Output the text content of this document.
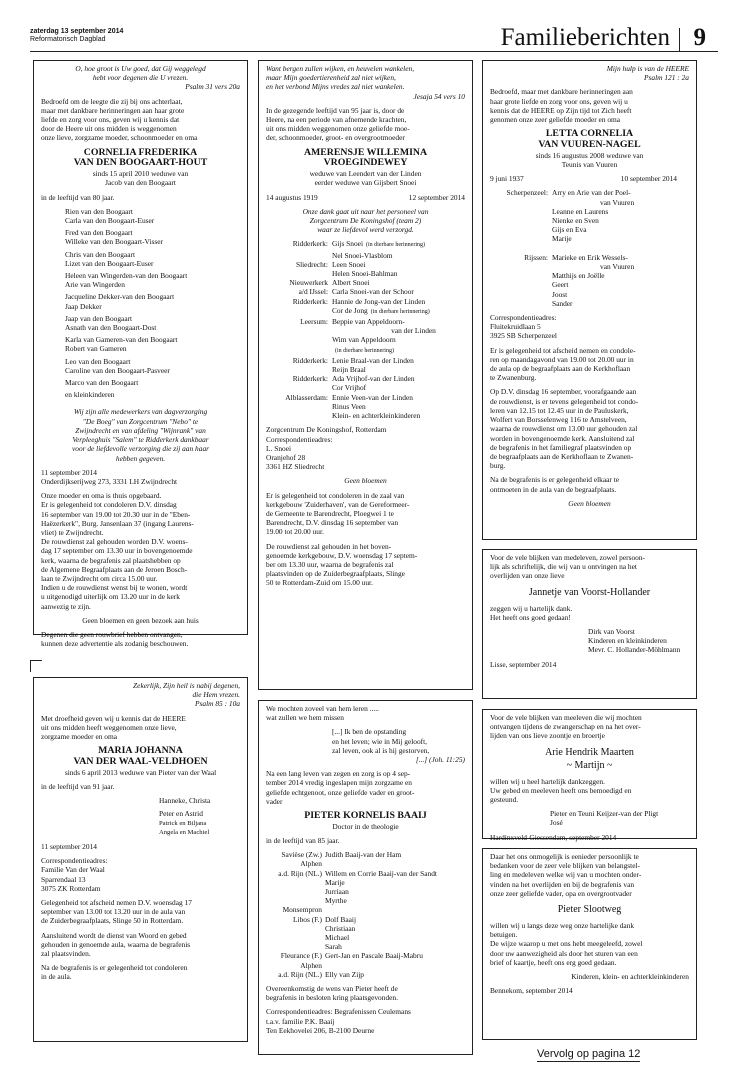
zaterdag 13 september 2014
Reformatorisch Dagblad	Familieberichten 9
O, hoe groot is Uw goed, dat Gij weggelegd
hebt voor degenen die U vrezen.
Psalm 31 vers 20a
Bedroefd om de leegte die zij bij ons achterlaat,
maar met dankbare herinneringen aan haar grote
liefde en zorg voor ons, geven wij u kennis dat
door de Heere uit ons midden is weggenomen
onze lieve, zorgzame moeder, schoonmoeder en oma
CORNELIA FREDERIKA
VAN DEN BOOGAART-HOUT
sinds 15 april 2010 weduwe van
Jacob van den Boogaart
in de leeftijd van 80 jaar.
Rien van den Boogaart
Carla van den Boogaart-Euser
Fred van den Boogaart
Willeke van den Boogaart-Visser
Chris van den Boogaart
Lizet van den Boogaart-Euser
Heleen van Wingerden-van den Boogaart
Arie van Wingerden
Jacqueline Dekker-van den Boogaart
Jaap Dekker
Jaap van den Boogaart
Asnath van den Boogaart-Dost
Karla van Gameren-van den Boogaart
Robert van Gameren
Leo van den Boogaart
Caroline van den Boogaart-Pasveer
Marco van den Boogaart
en kleinkinderen
Wij zijn alle medewerkers van dagverzorging
"De Boeg" van Zorgcentrum "Nebo" te
Zwijndrecht en van afdeling "Wijnrank" van
Verpleeghuis "Salem" te Ridderkerk dankbaar
voor de liefdevolle verzorging die zij aan haar
hebben gegeven.
11 september 2014
Onderdijkserijweg 273, 3331 LH Zwijndrecht
Onze moeder en oma is thuis opgebaard.
Er is gelegenheid tot condoleren D.V. dinsdag
16 september van 19.00 tot 20.30 uur in de "Eben-
Haëzerkerk", Burg. Jansenlaan 37 (ingang Laurens-
vliet) te Zwijndrecht.
De rouwdienst zal gehouden worden D.V. woens-
dag 17 september om 13.30 uur in bovengenoemde
kerk, waarna de begrafenis zal plaatshebben op
de Algemene Begraafplaats aan de Jeroen Bosch-
laan te Zwijndrecht om circa 15.00 uur.
Indien u de rouwdienst wenst bij te wonen, wordt
u uitgenodigd uiterlijk om 13.20 uur in de kerk
aanwezig te zijn.
Geen bloemen en geen bezoek aan huis
Degenen die geen rouwbrief hebben ontvangen,
kunnen deze advertentie als zodanig beschouwen.
Want bergen zullen wijken, en heuvelen wankelen,
maar Mijn goedertierenheid zal niet wijken,
en het verbond Mijns vredes zal niet wankelen.
Jesaja 54 vers 10
In de gezegende leeftijd van 95 jaar is, door de
Heere, na een periode van afnemende krachten,
uit ons midden weggenomen onze geliefde moe-
der, schoonmoeder, groot- en overgrootmoeder
AMERENSJE WILLEMINA
VROEGINDEWEY
weduwe van Leendert van der Linden
eerder weduwe van Gijsbert Snoei
14 augustus 1919	12 september 2014
Onze dank gaat uit naar het personeel van
Zorgcentrum De Koningshof (team 2)
waar ze liefdevol werd verzorgd.
Ridderkerk: Gijs Snoei (in dierbare herinnering)
Nel Snoei-Vlasblom
Sliedrecht: Leen Snoei
Helen Snoei-Bahlman
Nieuwerkerk Albert Snoei
a/d IJssel: Carla Snoei-van der Schoor
Ridderkerk: Hannie de Jong-van der Linden
Cor de Jong (in dierbare herinnering)
Leersum: Beppie van Appeldoorn-
van der Linden
Wim van Appeldoorn
(in dierbare herinnering)
Ridderkerk: Lenie Braal-van der Linden
Reijn Braal
Ridderkerk: Ada Vrijhof-van der Linden
Cor Vrijhof
Alblasserdam: Ennie Veen-van der Linden
Rinus Veen
Klein- en achterkleinkinderen
Zorgcentrum De Koningshof, Rotterdam
Correspondentieadres:
L. Snoei
Oranjehof 28
3361 HZ Sliedrecht
Geen bloemen
Er is gelegenheid tot condoleren in de zaal van
kerkgebouw 'Zuiderhaven', van de Gereformeer-
de Gemeente te Barendrecht, Ploegwei 1 te
Barendrecht, D.V. dinsdag 16 september van
19.00 tot 20.00 uur.
De rouwdienst zal gehouden in het boven-
genoemde kerkgebouw, D.V. woensdag 17 septem-
ber om 13.30 uur, waarna de begrafenis zal
plaatsvinden op de Zuiderbegraafplaats, Slinge
50 te Rotterdam-Zuid om 15.00 uur.
Mijn hulp is van de HEERE
Psalm 121 : 2a
Bedroefd, maar met dankbare herinneringen aan
haar grote liefde en zorg voor ons, geven wij u
kennis dat de HEERE op Zijn tijd tot Zich heeft
genomen onze zeer geliefde moeder en oma
LETTA CORNELIA
VAN VUUREN-NAGEL
sinds 16 augustus 2008 weduwe van
Teunis van Vuuren
9 juni 1937	10 september 2014
Scherpenzeel: Arry en Arie van der Poel-
van Vuuren
Leanne en Laurens
Nienke en Sven
Gijs en Eva
Marije

Rijssen: Marieke en Erik Wessels-
van Vuuren
Matthijs en Joëlle
Geert
Joost
Sander
Correspondentieadres:
Fluitekruidlaan 5
3925 SB Scherpenzeel
Er is gelegenheid tot afscheid nemen en condole-
ren op maandagavond van 19.00 tot 20.00 uur in
de aula op de begraafplaats aan de Kerkhoflaan
te Zwanenburg.
Op D.V. dinsdag 16 september, voorafgaande aan
de rouwdienst, is er tevens gelegenheid tot condo-
leren van 12.15 tot 12.45 uur in de Pauluskerk,
Wolfert van Borsselenweg 116 te Amstelveen,
waarna de rouwdienst om 13.00 uur gehouden zal
worden in bovengenoemde kerk. Aansluitend zal
de begrafenis in het familiegraf plaatsvinden op
de begraafplaats aan de Kerkhoflaan te Zwanen-
burg.
Na de begrafenis is er gelegenheid elkaar te
ontmoeten in de aula van de begraafplaats.
Geen bloemen
Voor de vele blijken van medeleven, zowel persoon-
lijk als schriftelijk, die wij van u ontvingen na het
overlijden van onze lieve
Jannetje van Voorst-Hollander
zeggen wij u hartelijk dank.
Het heeft ons goed gedaan!
Dirk van Voorst
Kinderen en kleinkinderen
Mevr. C. Hollander-Möhlmann
Lisse, september 2014
Zekerlijk, Zijn heil is nabij degenen,
die Hem vrezen.
Psalm 85 : 10a
Met droefheid geven wij u kennis dat de HEERE
uit ons midden heeft weggenomen onze lieve,
zorgzame moeder en oma
MARIA JOHANNA
VAN DER WAAL-VELDHOEN
sinds 6 april 2013 weduwe van Pieter van der Waal
in de leeftijd van 91 jaar.
Hanneke, Christa
Peter en Astrid
Patrick en Biljana
Angela en Machiel
11 september 2014
Correspondentieadres:
Familie Van der Waal
Sparrendaal 13
3075 ZK Rotterdam
Gelegenheid tot afscheid nemen D.V. woensdag 17
september van 13.00 tot 13.20 uur in de aula van
de Zuiderbegraafplaats, Slinge 50 in Rotterdam.
Aansluitend wordt de dienst van Woord en gebed
gehouden in genoemde aula, waarna de begrafenis
zal plaatsvinden.
Na de begrafenis is er gelegenheid tot condoleren
in de aula.
We mochten zoveel van hem leren .....
wat zullen we hem missen
[...] Ik ben de opstanding
en het leven; wie in Mij gelooft,
zal leven, ook al is hij gestorven,
[...] (Joh. 11:25)
Na een lang leven van zegen en zorg is op 4 sep-
tember 2014 vredig ingeslapen mijn zorgzame en
geliefde echtgenoot, onze geliefde vader en groot-
vader
PIETER KORNELIS BAAIJ
Doctor in de theologie
in de leeftijd van 85 jaar.
Savièse (Zw.) Judith Baaij-van der Ham
Alphen
a.d. Rijn (NL.) Willem en Corrie Baaij-van der Sandt
Marije
Jurriaan
Myrthe
Monsempron
Libos (F.) Dolf Baaij
Christiaan
Michael
Sarah
Fleurance (F.) Gert-Jan en Pascale Baaij-Mabru
Alphen
a.d. Rijn (NL.) Elly van Zijp
Overeenkomstig de wens van Pieter heeft de
begrafenis in besloten kring plaatsgevonden.
Correspondentieadres: Begrafenissen Ceulemans
t.a.v. familie P.K. Baaij
Ten Eekhovelei 206, B-2100 Deurne
Voor de vele blijken van meeleven die wij mochten
ontvangen tijdens de zwangerschap en na het over-
lijden van ons lieve zoontje en broertje
Arie Hendrik Maarten
~ Martijn ~
willen wij u heel hartelijk dankzeggen.
Uw gebed en meeleven heeft ons bemoedigd en
gesteund.
Pieter en Teuni Keijzer-van der Pligt
José
Hardinxveld-Giessendam, september 2014
Daar het ons onmogelijk is eenieder persoonlijk te
bedanken voor de zeer vele blijken van belangstel-
ling en medeleven welke wij van u mochten onder-
vinden na het overlijden en bij de begrafenis van
onze zeer geliefde vader, opa en overgrootvader
Pieter Slootweg
willen wij u langs deze weg onze hartelijke dank
betuigen.
De wijze waarop u met ons hebt meegeleefd, zowel
door uw aanwezigheid als door het sturen van een
brief of kaartje, heeft ons erg goed gedaan.
Kinderen, klein- en achterkleinkinderen
Bennekom, september 2014
Vervolg op pagina 12
